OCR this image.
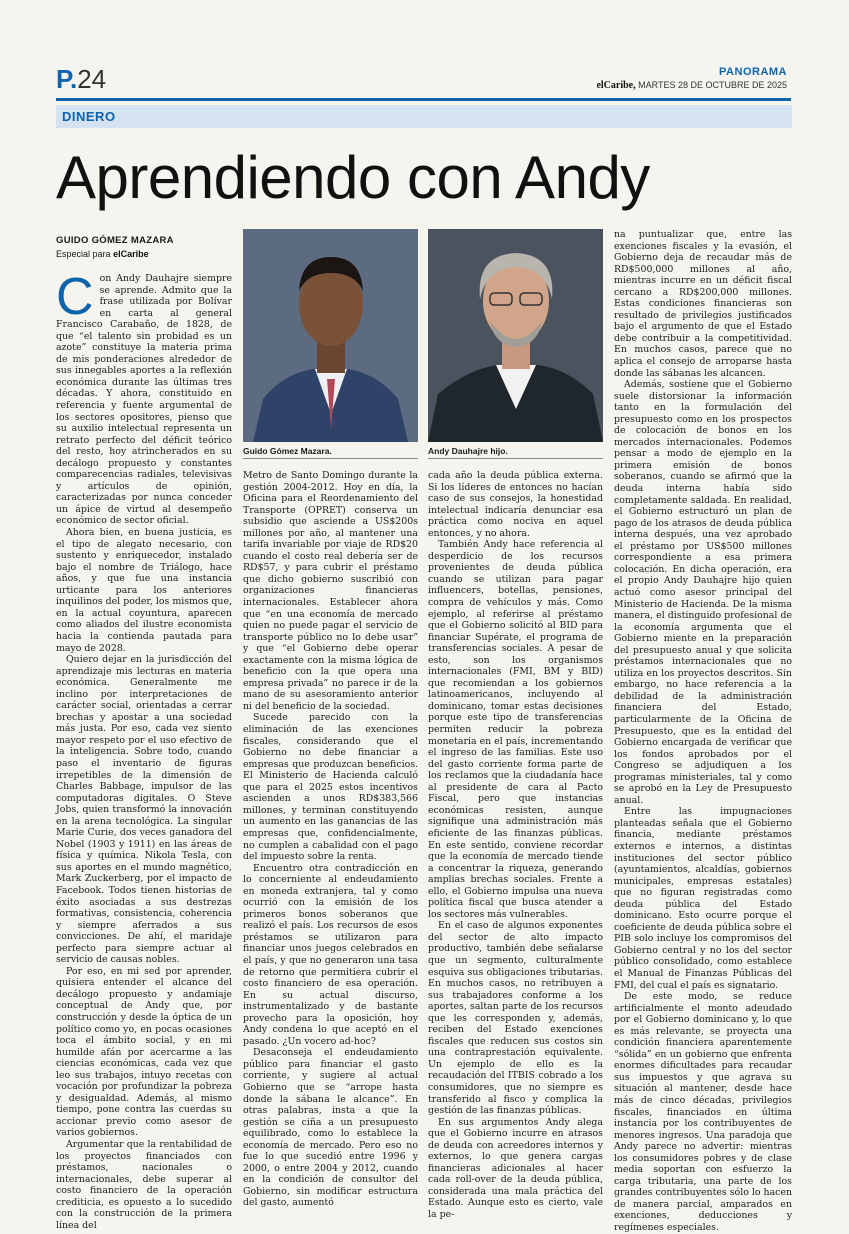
P.24	PANORAMA
elCaribe, MARTES 28 DE OCTUBRE DE 2025
DINERO
Aprendiendo con Andy
GUIDO GÓMEZ MAZARA
Especial para elCaribe
Guido Gómez Mazara.	Andy Dauhajre hijo.

Con Andy Dauhajre siempre se aprende. Admito que la frase utilizada por Bolívar en carta al general Francisco Carabaño, de 1828, de que “el talento sin probidad es un azote” constituye la materia prima de mis ponderaciones alrededor de sus innegables aportes a la reflexión económica durante las últimas tres décadas. Y ahora, constituido en referencia y fuente argumental de los sectores opositores, pienso que su auxilio intelectual representa un retrato perfecto del déficit teórico del resto, hoy atrincherados en su decálogo propuesto y constantes comparecencias radiales, televisivas y artículos de opinión, caracterizadas por nunca conceder un ápice de virtud al desempeño económico de sector oficial.

Ahora bien, en buena justicia, es el tipo de alegato necesario, con sustento y enriquecedor, instalado bajo el nombre de Triálogo, hace años, y que fue una instancia urticante para los anteriores inquilinos del poder, los mismos que, en la actual coyuntura, aparecen como aliados del ilustre economista hacia la contienda pautada para mayo de 2028.

Quiero dejar en la jurisdicción del aprendizaje mis lecturas en materia económica. Generalmente me inclino por interpretaciones de carácter social, orientadas a cerrar brechas y apostar a una sociedad más justa. Por eso, cada vez siento mayor respeto por el uso efectivo de la inteligencia. Sobre todo, cuando paso el inventario de figuras irrepetibles de la dimensión de Charles Babbage, impulsor de las computadoras digitales. O Steve Jobs, quien transformó la innovación en la arena tecnológica. La singular Marie Curie, dos veces ganadora del Nobel (1903 y 1911) en las áreas de física y química. Nikola Tesla, con sus aportes en el mundo magnético, Mark Zuckerberg, por el impacto de Facebook. Todos tienen historias de éxito asociadas a sus destrezas formativas, consistencia, coherencia y siempre aferrados a sus convicciones. De ahí, el maridaje perfecto para siempre actuar al servicio de causas nobles.

Por eso, en mi sed por aprender, quisiera entender el alcance del decálogo propuesto y andamiaje conceptual de Andy que, por construcción y desde la óptica de un político como yo, en pocas ocasiones toca el ámbito social, y en mi humilde afán por acercarme a las ciencias económicas, cada vez que leo sus trabajos, intuyo recetas con vocación por profundizar la pobreza y desigualdad. Además, al mismo tiempo, pone contra las cuerdas su accionar previo como asesor de varios gobiernos.

Argumentar que la rentabilidad de los proyectos financiados con préstamos, nacionales o internacionales, debe superar al costo financiero de la operación crediticia, es opuesto a lo sucedido con la construcción de la primera línea del

Metro de Santo Domingo durante la gestión 2004-2012. Hoy en día, la Oficina para el Reordenamiento del Transporte (OPRET) conserva un subsidio que asciende a US$200s millones por año, al mantener una tarifa invariable por viaje de RD$20 cuando el costo real debería ser de RD$57, y para cubrir el préstamo que dicho gobierno suscribió con organizaciones financieras internacionales. Establecer ahora que “en una economía de mercado quien no puede pagar el servicio de transporte público no lo debe usar” y que “el Gobierno debe operar exactamente con la misma lógica de beneficio con la que opera una empresa privada” no parece ir de la mano de su asesoramiento anterior ni del beneficio de la sociedad.

Sucede parecido con la eliminación de las exenciones fiscales, considerando que el Gobierno no debe financiar a empresas que produzcan beneficios. El Ministerio de Hacienda calculó que para el 2025 estos incentivos ascienden a unos RD$383,566 millones, y terminan constituyendo un aumento en las ganancias de las empresas que, confidencialmente, no cumplen a cabalidad con el pago del impuesto sobre la renta.

Encuentro otra contradicción en lo concerniente al endeudamiento en moneda extranjera, tal y como ocurrió con la emisión de los primeros bonos soberanos que realizó el país. Los recursos de esos préstamos se utilizaron para financiar unos juegos celebrados en el país, y que no generaron una tasa de retorno que permitiera cubrir el costo financiero de esa operación. En su actual discurso, instrumentalizado y de bastante provecho para la oposición, hoy Andy condena lo que aceptó en el pasado. ¿Un vocero ad-hoc?

Desaconseja el endeudamiento público para financiar el gasto corriente, y sugiere al actual Gobierno que se “arrope hasta donde la sábana le alcance”. En otras palabras, insta a que la gestión se ciña a un presupuesto equilibrado, como lo establece la economía de mercado. Pero eso no fue lo que sucedió entre 1996 y 2000, o entre 2004 y 2012, cuando en la condición de consultor del Gobierno, sin modificar estructura del gasto, aumentó

cada año la deuda pública externa. Si los líderes de entonces no hacían caso de sus consejos, la honestidad intelectual indicaría denunciar esa práctica como nociva en aquel entonces, y no ahora.

También Andy hace referencia al desperdicio de los recursos provenientes de deuda pública cuando se utilizan para pagar influencers, botellas, pensiones, compra de vehículos y más. Como ejemplo, al referirse al préstamo que el Gobierno solicitó al BID para financiar Supérate, el programa de transferencias sociales. A pesar de esto, son los organismos internacionales (FMI, BM y BID) que recomiendan a los gobiernos latinoamericanos, incluyendo al dominicano, tomar estas decisiones porque este tipo de transferencias permiten reducir la pobreza monetaria en el país, incrementando el ingreso de las familias. Este uso del gasto corriente forma parte de los reclamos que la ciudadanía hace al presidente de cara al Pacto Fiscal, pero que instancias económicas resisten, aunque signifique una administración más eficiente de las finanzas públicas. En este sentido, conviene recordar que la economía de mercado tiende a concentrar la riqueza, generando amplias brechas sociales. Frente a ello, el Gobierno impulsa una nueva política fiscal que busca atender a los sectores más vulnerables.

En el caso de algunos exponentes del sector de alto impacto productivo, también debe señalarse que un segmento, culturalmente esquiva sus obligaciones tributarias. En muchos casos, no retribuyen a sus trabajadores conforme a los aportes, saltan parte de los recursos que les corresponden y, además, reciben del Estado exenciones fiscales que reducen sus costos sin una contraprestación equivalente. Un ejemplo de ello es la recaudación del ITBIS cobrado a los consumidores, que no siempre es transferido al fisco y complica la gestión de las finanzas públicas.

En sus argumentos Andy alega que el Gobierno incurre en atrasos de deuda con acreedores internos y externos, lo que genera cargas financieras adicionales al hacer cada roll-over de la deuda pública, considerada una mala práctica del Estado. Aunque esto es cierto, vale la pe-

na puntualizar que, entre las exenciones fiscales y la evasión, el Gobierno deja de recaudar más de RD$500,000 millones al año, mientras incurre en un déficit fiscal cercano a RD$200,000 millones. Estas condiciones financieras son resultado de privilegios justificados bajo el argumento de que el Estado debe contribuir a la competitividad. En muchos casos, parece que no aplica el consejo de arroparse hasta donde las sábanas les alcancen.

Además, sostiene que el Gobierno suele distorsionar la información tanto en la formulación del presupuesto como en los prospectos de colocación de bonos en los mercados internacionales. Podemos pensar a modo de ejemplo en la primera emisión de bonos soberanos, cuando se afirmó que la deuda interna había sido completamente saldada. En realidad, el Gobierno estructuró un plan de pago de los atrasos de deuda pública interna después, una vez aprobado el préstamo por US$500 millones correspondiente a esa primera colocación. En dicha operación, era el propio Andy Dauhajre hijo quien actuó como asesor principal del Ministerio de Hacienda. De la misma manera, el distinguido profesional de la economía argumenta que el Gobierno miente en la preparación del presupuesto anual y que solicita préstamos internacionales que no utiliza en los proyectos descritos. Sin embargo, no hace referencia a la debilidad de la administración financiera del Estado, particularmente de la Oficina de Presupuesto, que es la entidad del Gobierno encargada de verificar que los fondos aprobados por el Congreso se adjudiquen a los programas ministeriales, tal y como se aprobó en la Ley de Presupuesto anual.

Entre las impugnaciones planteadas señala que el Gobierno financia, mediante préstamos externos e internos, a distintas instituciones del sector público (ayuntamientos, alcaldías, gobiernos municipales, empresas estatales) que no figuran registradas como deuda pública del Estado dominicano. Esto ocurre porque el coeficiente de deuda pública sobre el PIB solo incluye los compromisos del Gobierno central y no los del sector público consolidado, como establece el Manual de Finanzas Públicas del FMI, del cual el país es signatario.

De este modo, se reduce artificialmente el monto adeudado por el Gobierno dominicano y, lo que es más relevante, se proyecta una condición financiera aparentemente “sólida” en un gobierno que enfrenta enormes dificultades para recaudar sus impuestos y que agrava su situación al mantener, desde hace más de cinco décadas, privilegios fiscales, financiados en última instancia por los contribuyentes de menores ingresos. Una paradoja que Andy parece no advertir: mientras los consumidores pobres y de clase media soportan con esfuerzo la carga tributaria, una parte de los grandes contribuyentes sólo lo hacen de manera parcial, amparados en exenciones, deducciones y regímenes especiales.
